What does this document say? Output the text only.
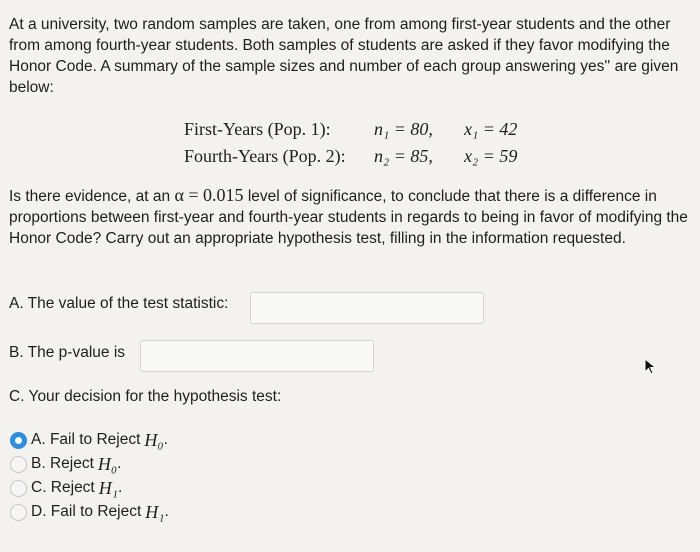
At a university, two random samples are taken, one from among first-year students and the other from among fourth-year students. Both samples of students are asked if they favor modifying the Honor Code. A summary of the sample sizes and number of each group answering yes'' are given below:

First-Years (Pop. 1):	n₁ = 80,	x₁ = 42
Fourth-Years (Pop. 2):	n₂ = 85,	x₂ = 59

Is there evidence, at an α = 0.015 level of significance, to conclude that there is a difference in proportions between first-year and fourth-year students in regards to being in favor of modifying the Honor Code? Carry out an appropriate hypothesis test, filling in the information requested.

A. The value of the test statistic:
B. The p-value is
C. Your decision for the hypothesis test:
A. Fail to Reject H₀ .
B. Reject H₀ .
C. Reject H₁ .
D. Fail to Reject H₁ .
